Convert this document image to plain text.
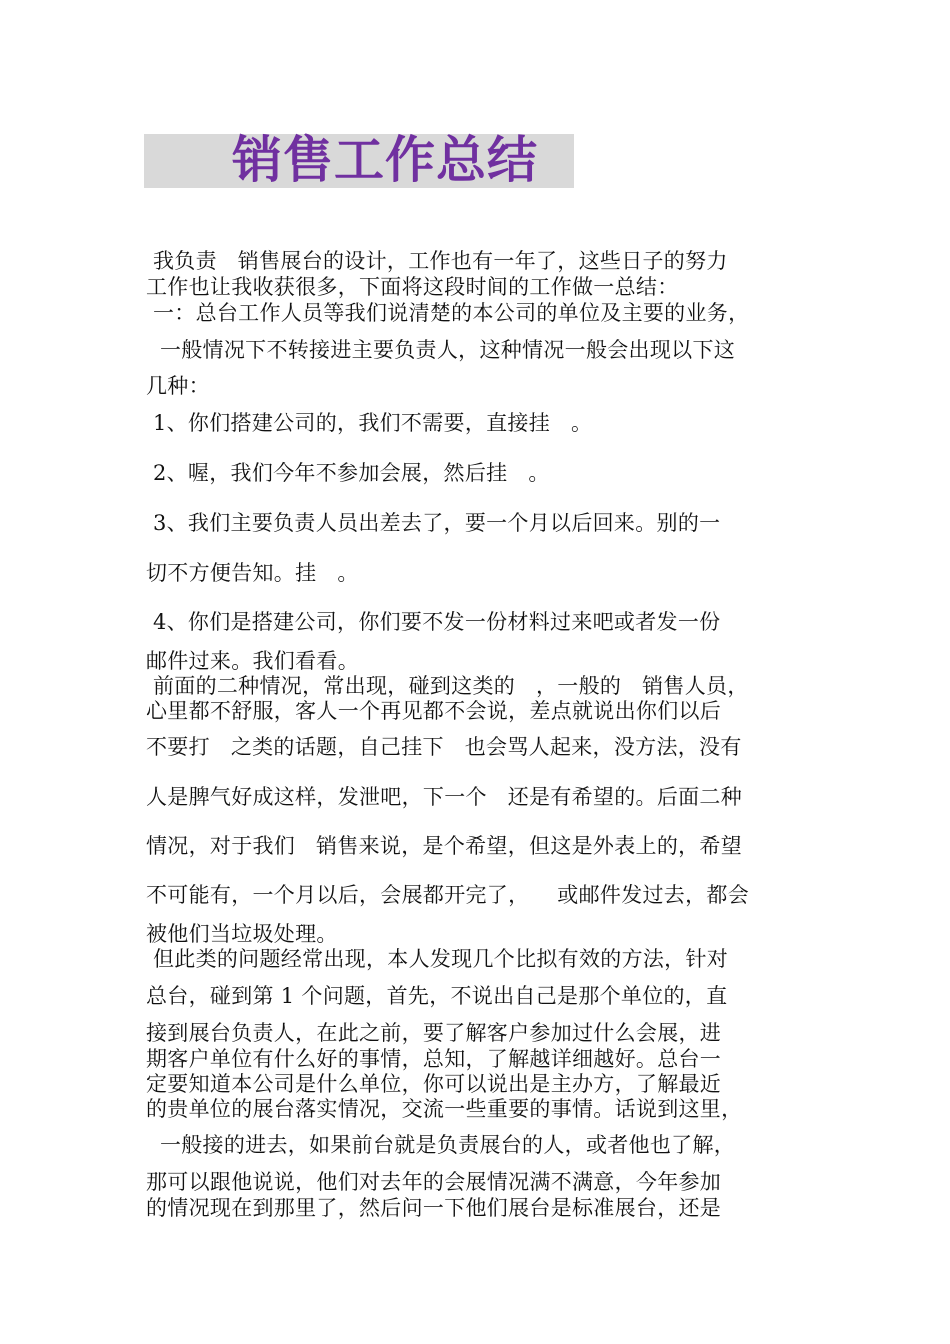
销售工作总结
我负责   销售展台的设计，工作也有一年了，这些日子的努力
工作也让我收获很多，下面将这段时间的工作做一总结：
一：总台工作人员等我们说清楚的本公司的单位及主要的业务，
一般情况下不转接进主要负责人，这种情况一般会出现以下这
几种：
1、你们搭建公司的，我们不需要，直接挂   。
2、喔，我们今年不参加会展，然后挂   。
3、我们主要负责人员出差去了，要一个月以后回来。别的一
切不方便告知。挂   。
4、你们是搭建公司，你们要不发一份材料过来吧或者发一份
邮件过来。我们看看。
前面的二种情况，常出现，碰到这类的   ，一般的   销售人员，
心里都不舒服，客人一个再见都不会说，差点就说出你们以后
不要打   之类的话题，自己挂下   也会骂人起来，没方法，没有
人是脾气好成这样，发泄吧，下一个   还是有希望的。后面二种
情况，对于我们   销售来说，是个希望，但这是外表上的，希望
不可能有，一个月以后，会展都开完了，    或邮件发过去，都会
被他们当垃圾处理。
但此类的问题经常出现，本人发现几个比拟有效的方法，针对
总台，碰到第 1 个问题，首先，不说出自己是那个单位的，直
接到展台负责人，在此之前，要了解客户参加过什么会展，进
期客户单位有什么好的事情，总知，了解越详细越好。总台一
定要知道本公司是什么单位，你可以说出是主办方，了解最近
的贵单位的展台落实情况，交流一些重要的事情。话说到这里，
一般接的进去，如果前台就是负责展台的人，或者他也了解，
那可以跟他说说，他们对去年的会展情况满不满意，今年参加
的情况现在到那里了，然后问一下他们展台是标准展台，还是
